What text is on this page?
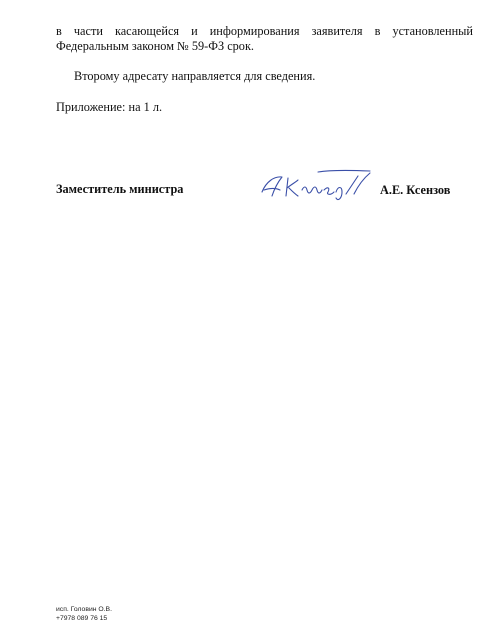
в части касающейся и информирования заявителя в установленный

Федеральным законом № 59-ФЗ срок.

Второму адресату направляется для сведения.

Приложение: на 1 л.

Заместитель министра	А.Е. Ксензов

исп. Головин О.В.

+7978 089 76 15
